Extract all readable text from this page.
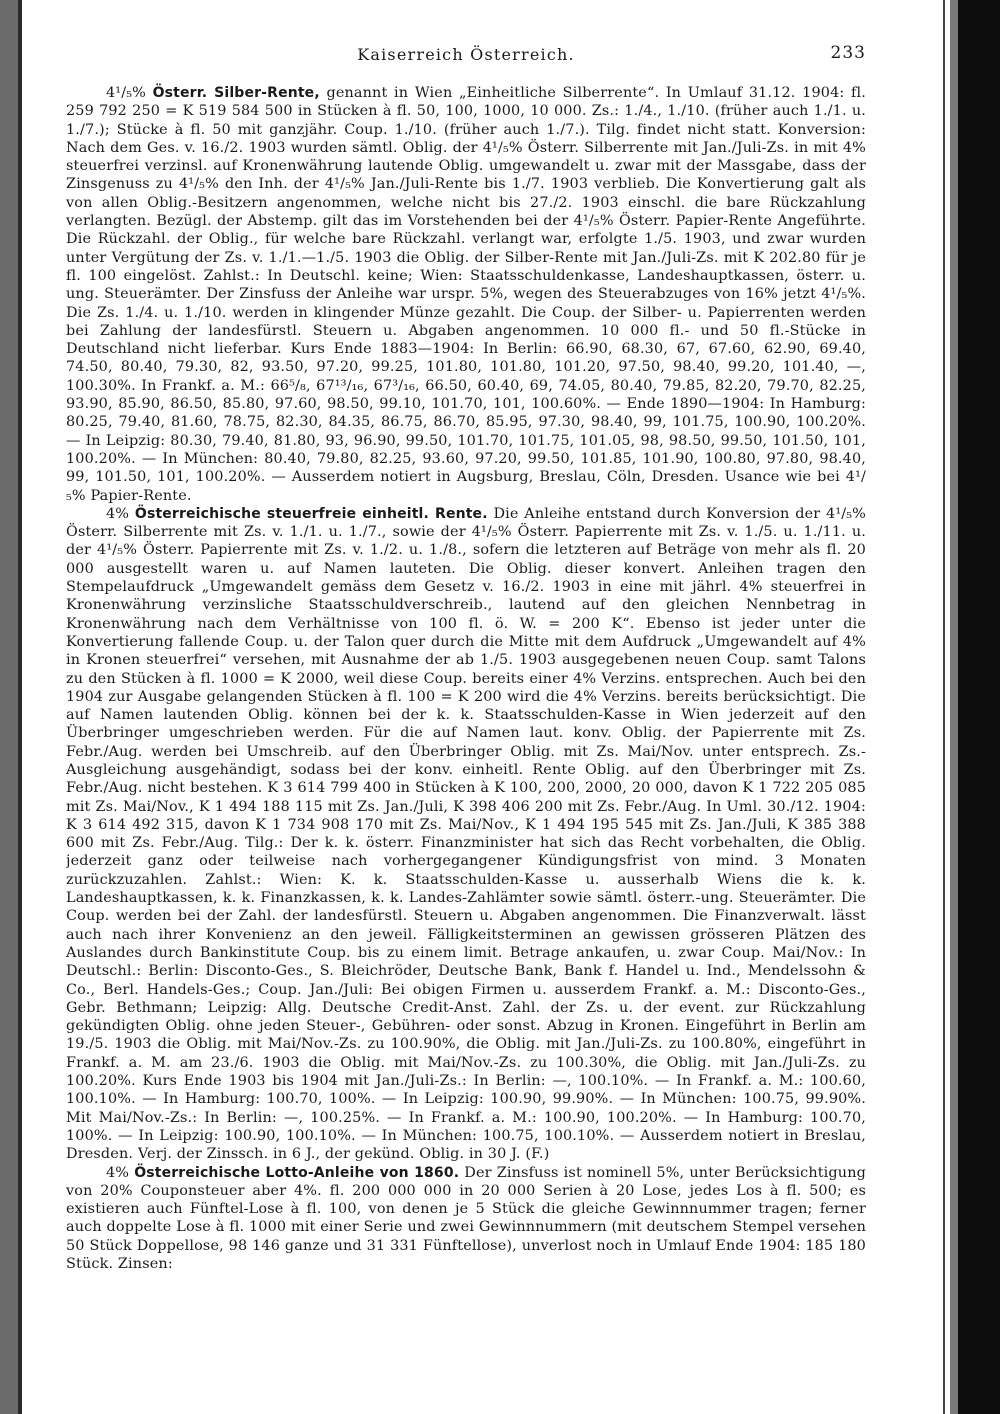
Kaiserreich Österreich.	233

4¹/₅% Österr. Silber-Rente, genannt in Wien „Einheitliche Silberrente“. In Umlauf 31.12. 1904: fl. 259 792 250 = K 519 584 500 in Stücken à fl. 50, 100, 1000, 10 000. Zs.: 1./4., 1./10. (früher auch 1./1. u. 1./7.); Stücke à fl. 50 mit ganzjähr. Coup. 1./10. (früher auch 1./7.). Tilg. findet nicht statt. Konversion: Nach dem Ges. v. 16./2. 1903 wurden sämtl. Oblig. der 4¹/₅% Österr. Silberrente mit Jan./Juli-Zs. in mit 4% steuerfrei verzinsl. auf Kronenwährung lautende Oblig. umgewandelt u. zwar mit der Massgabe, dass der Zinsgenuss zu 4¹/₅% den Inh. der 4¹/₅% Jan./Juli-Rente bis 1./7. 1903 verblieb. Die Konvertierung galt als von allen Oblig.-Besitzern angenommen, welche nicht bis 27./2. 1903 einschl. die bare Rückzahlung verlangten. Bezügl. der Abstemp. gilt das im Vorstehenden bei der 4¹/₅% Österr. Papier-Rente Angeführte. Die Rückzahl. der Oblig., für welche bare Rückzahl. verlangt war, erfolgte 1./5. 1903, und zwar wurden unter Vergütung der Zs. v. 1./1.—1./5. 1903 die Oblig. der Silber-Rente mit Jan./Juli-Zs. mit K 202.80 für je fl. 100 eingelöst. Zahlst.: In Deutschl. keine; Wien: Staatsschuldenkasse, Landeshauptkassen, österr. u. ung. Steuerämter. Der Zinsfuss der Anleihe war urspr. 5%, wegen des Steuerabzuges von 16% jetzt 4¹/₅%. Die Zs. 1./4. u. 1./10. werden in klingender Münze gezahlt. Die Coup. der Silber- u. Papierrenten werden bei Zahlung der landesfürstl. Steuern u. Abgaben angenommen. 10 000 fl.- und 50 fl.-Stücke in Deutschland nicht lieferbar. Kurs Ende 1883—1904: In Berlin: 66.90, 68.30, 67, 67.60, 62.90, 69.40, 74.50, 80.40, 79.30, 82, 93.50, 97.20, 99.25, 101.80, 101.80, 101.20, 97.50, 98.40, 99.20, 101.40, —, 100.30%. In Frankf. a. M.: 66⁵/₈, 67¹³/₁₆, 67³/₁₆, 66.50, 60.40, 69, 74.05, 80.40, 79.85, 82.20, 79.70, 82.25, 93.90, 85.90, 86.50, 85.80, 97.60, 98.50, 99.10, 101.70, 101, 100.60%. — Ende 1890—1904: In Hamburg: 80.25, 79.40, 81.60, 78.75, 82.30, 84.35, 86.75, 86.70, 85.95, 97.30, 98.40, 99, 101.75, 100.90, 100.20%. — In Leipzig: 80.30, 79.40, 81.80, 93, 96.90, 99.50, 101.70, 101.75, 101.05, 98, 98.50, 99.50, 101.50, 101, 100.20%. — In München: 80.40, 79.80, 82.25, 93.60, 97.20, 99.50, 101.85, 101.90, 100.80, 97.80, 98.40, 99, 101.50, 101, 100.20%. — Ausserdem notiert in Augsburg, Breslau, Cöln, Dresden. Usance wie bei 4¹/₅% Papier-Rente.

4% Österreichische steuerfreie einheitl. Rente. Die Anleihe entstand durch Konversion der 4¹/₅% Österr. Silberrente mit Zs. v. 1./1. u. 1./7., sowie der 4¹/₅% Österr. Papierrente mit Zs. v. 1./5. u. 1./11. u. der 4¹/₅% Österr. Papierrente mit Zs. v. 1./2. u. 1./8., sofern die letzteren auf Beträge von mehr als fl. 20 000 ausgestellt waren u. auf Namen lauteten. Die Oblig. dieser konvert. Anleihen tragen den Stempelaufdruck „Umgewandelt gemäss dem Gesetz v. 16./2. 1903 in eine mit jährl. 4% steuerfrei in Kronenwährung verzinsliche Staatsschuldverschreib., lautend auf den gleichen Nennbetrag in Kronenwährung nach dem Verhältnisse von 100 fl. ö. W. = 200 K“. Ebenso ist jeder unter die Konvertierung fallende Coup. u. der Talon quer durch die Mitte mit dem Aufdruck „Umgewandelt auf 4% in Kronen steuerfrei“ versehen, mit Ausnahme der ab 1./5. 1903 ausgegebenen neuen Coup. samt Talons zu den Stücken à fl. 1000 = K 2000, weil diese Coup. bereits einer 4% Verzins. entsprechen. Auch bei den 1904 zur Ausgabe gelangenden Stücken à fl. 100 = K 200 wird die 4% Verzins. bereits berücksichtigt. Die auf Namen lautenden Oblig. können bei der k. k. Staatsschulden-Kasse in Wien jederzeit auf den Überbringer umgeschrieben werden. Für die auf Namen laut. konv. Oblig. der Papierrente mit Zs. Febr./Aug. werden bei Umschreib. auf den Überbringer Oblig. mit Zs. Mai/Nov. unter entsprech. Zs.-Ausgleichung ausgehändigt, sodass bei der konv. einheitl. Rente Oblig. auf den Überbringer mit Zs. Febr./Aug. nicht bestehen. K 3 614 799 400 in Stücken à K 100, 200, 2000, 20 000, davon K 1 722 205 085 mit Zs. Mai/Nov., K 1 494 188 115 mit Zs. Jan./Juli, K 398 406 200 mit Zs. Febr./Aug. In Uml. 30./12. 1904: K 3 614 492 315, davon K 1 734 908 170 mit Zs. Mai/Nov., K 1 494 195 545 mit Zs. Jan./Juli, K 385 388 600 mit Zs. Febr./Aug. Tilg.: Der k. k. österr. Finanzminister hat sich das Recht vorbehalten, die Oblig. jederzeit ganz oder teilweise nach vorhergegangener Kündigungsfrist von mind. 3 Monaten zurückzuzahlen. Zahlst.: Wien: K. k. Staatsschulden-Kasse u. ausserhalb Wiens die k. k. Landeshauptkassen, k. k. Finanzkassen, k. k. Landes-Zahlämter sowie sämtl. österr.-ung. Steuerämter. Die Coup. werden bei der Zahl. der landesfürstl. Steuern u. Abgaben angenommen. Die Finanzverwalt. lässt auch nach ihrer Konvenienz an den jeweil. Fälligkeitsterminen an gewissen grösseren Plätzen des Auslandes durch Bankinstitute Coup. bis zu einem limit. Betrage ankaufen, u. zwar Coup. Mai/Nov.: In Deutschl.: Berlin: Disconto-Ges., S. Bleichröder, Deutsche Bank, Bank f. Handel u. Ind., Mendelssohn & Co., Berl. Handels-Ges.; Coup. Jan./Juli: Bei obigen Firmen u. ausserdem Frankf. a. M.: Disconto-Ges., Gebr. Bethmann; Leipzig: Allg. Deutsche Credit-Anst. Zahl. der Zs. u. der event. zur Rückzahlung gekündigten Oblig. ohne jeden Steuer-, Gebühren- oder sonst. Abzug in Kronen. Eingeführt in Berlin am 19./5. 1903 die Oblig. mit Mai/Nov.-Zs. zu 100.90%, die Oblig. mit Jan./Juli-Zs. zu 100.80%, eingeführt in Frankf. a. M. am 23./6. 1903 die Oblig. mit Mai/Nov.-Zs. zu 100.30%, die Oblig. mit Jan./Juli-Zs. zu 100.20%. Kurs Ende 1903 bis 1904 mit Jan./Juli-Zs.: In Berlin: —, 100.10%. — In Frankf. a. M.: 100.60, 100.10%. — In Hamburg: 100.70, 100%. — In Leipzig: 100.90, 99.90%. — In München: 100.75, 99.90%. Mit Mai/Nov.-Zs.: In Berlin: —, 100.25%. — In Frankf. a. M.: 100.90, 100.20%. — In Hamburg: 100.70, 100%. — In Leipzig: 100.90, 100.10%. — In München: 100.75, 100.10%. — Ausserdem notiert in Breslau, Dresden. Verj. der Zinssch. in 6 J., der gekünd. Oblig. in 30 J. (F.)

4% Österreichische Lotto-Anleihe von 1860. Der Zinsfuss ist nominell 5%, unter Berücksichtigung von 20% Couponsteuer aber 4%. fl. 200 000 000 in 20 000 Serien à 20 Lose, jedes Los à fl. 500; es existieren auch Fünftel-Lose à fl. 100, von denen je 5 Stück die gleiche Gewinnnummer tragen; ferner auch doppelte Lose à fl. 1000 mit einer Serie und zwei Gewinnnummern (mit deutschem Stempel versehen 50 Stück Doppellose, 98 146 ganze und 31 331 Fünftellose), unverlost noch in Umlauf Ende 1904: 185 180 Stück. Zinsen:
